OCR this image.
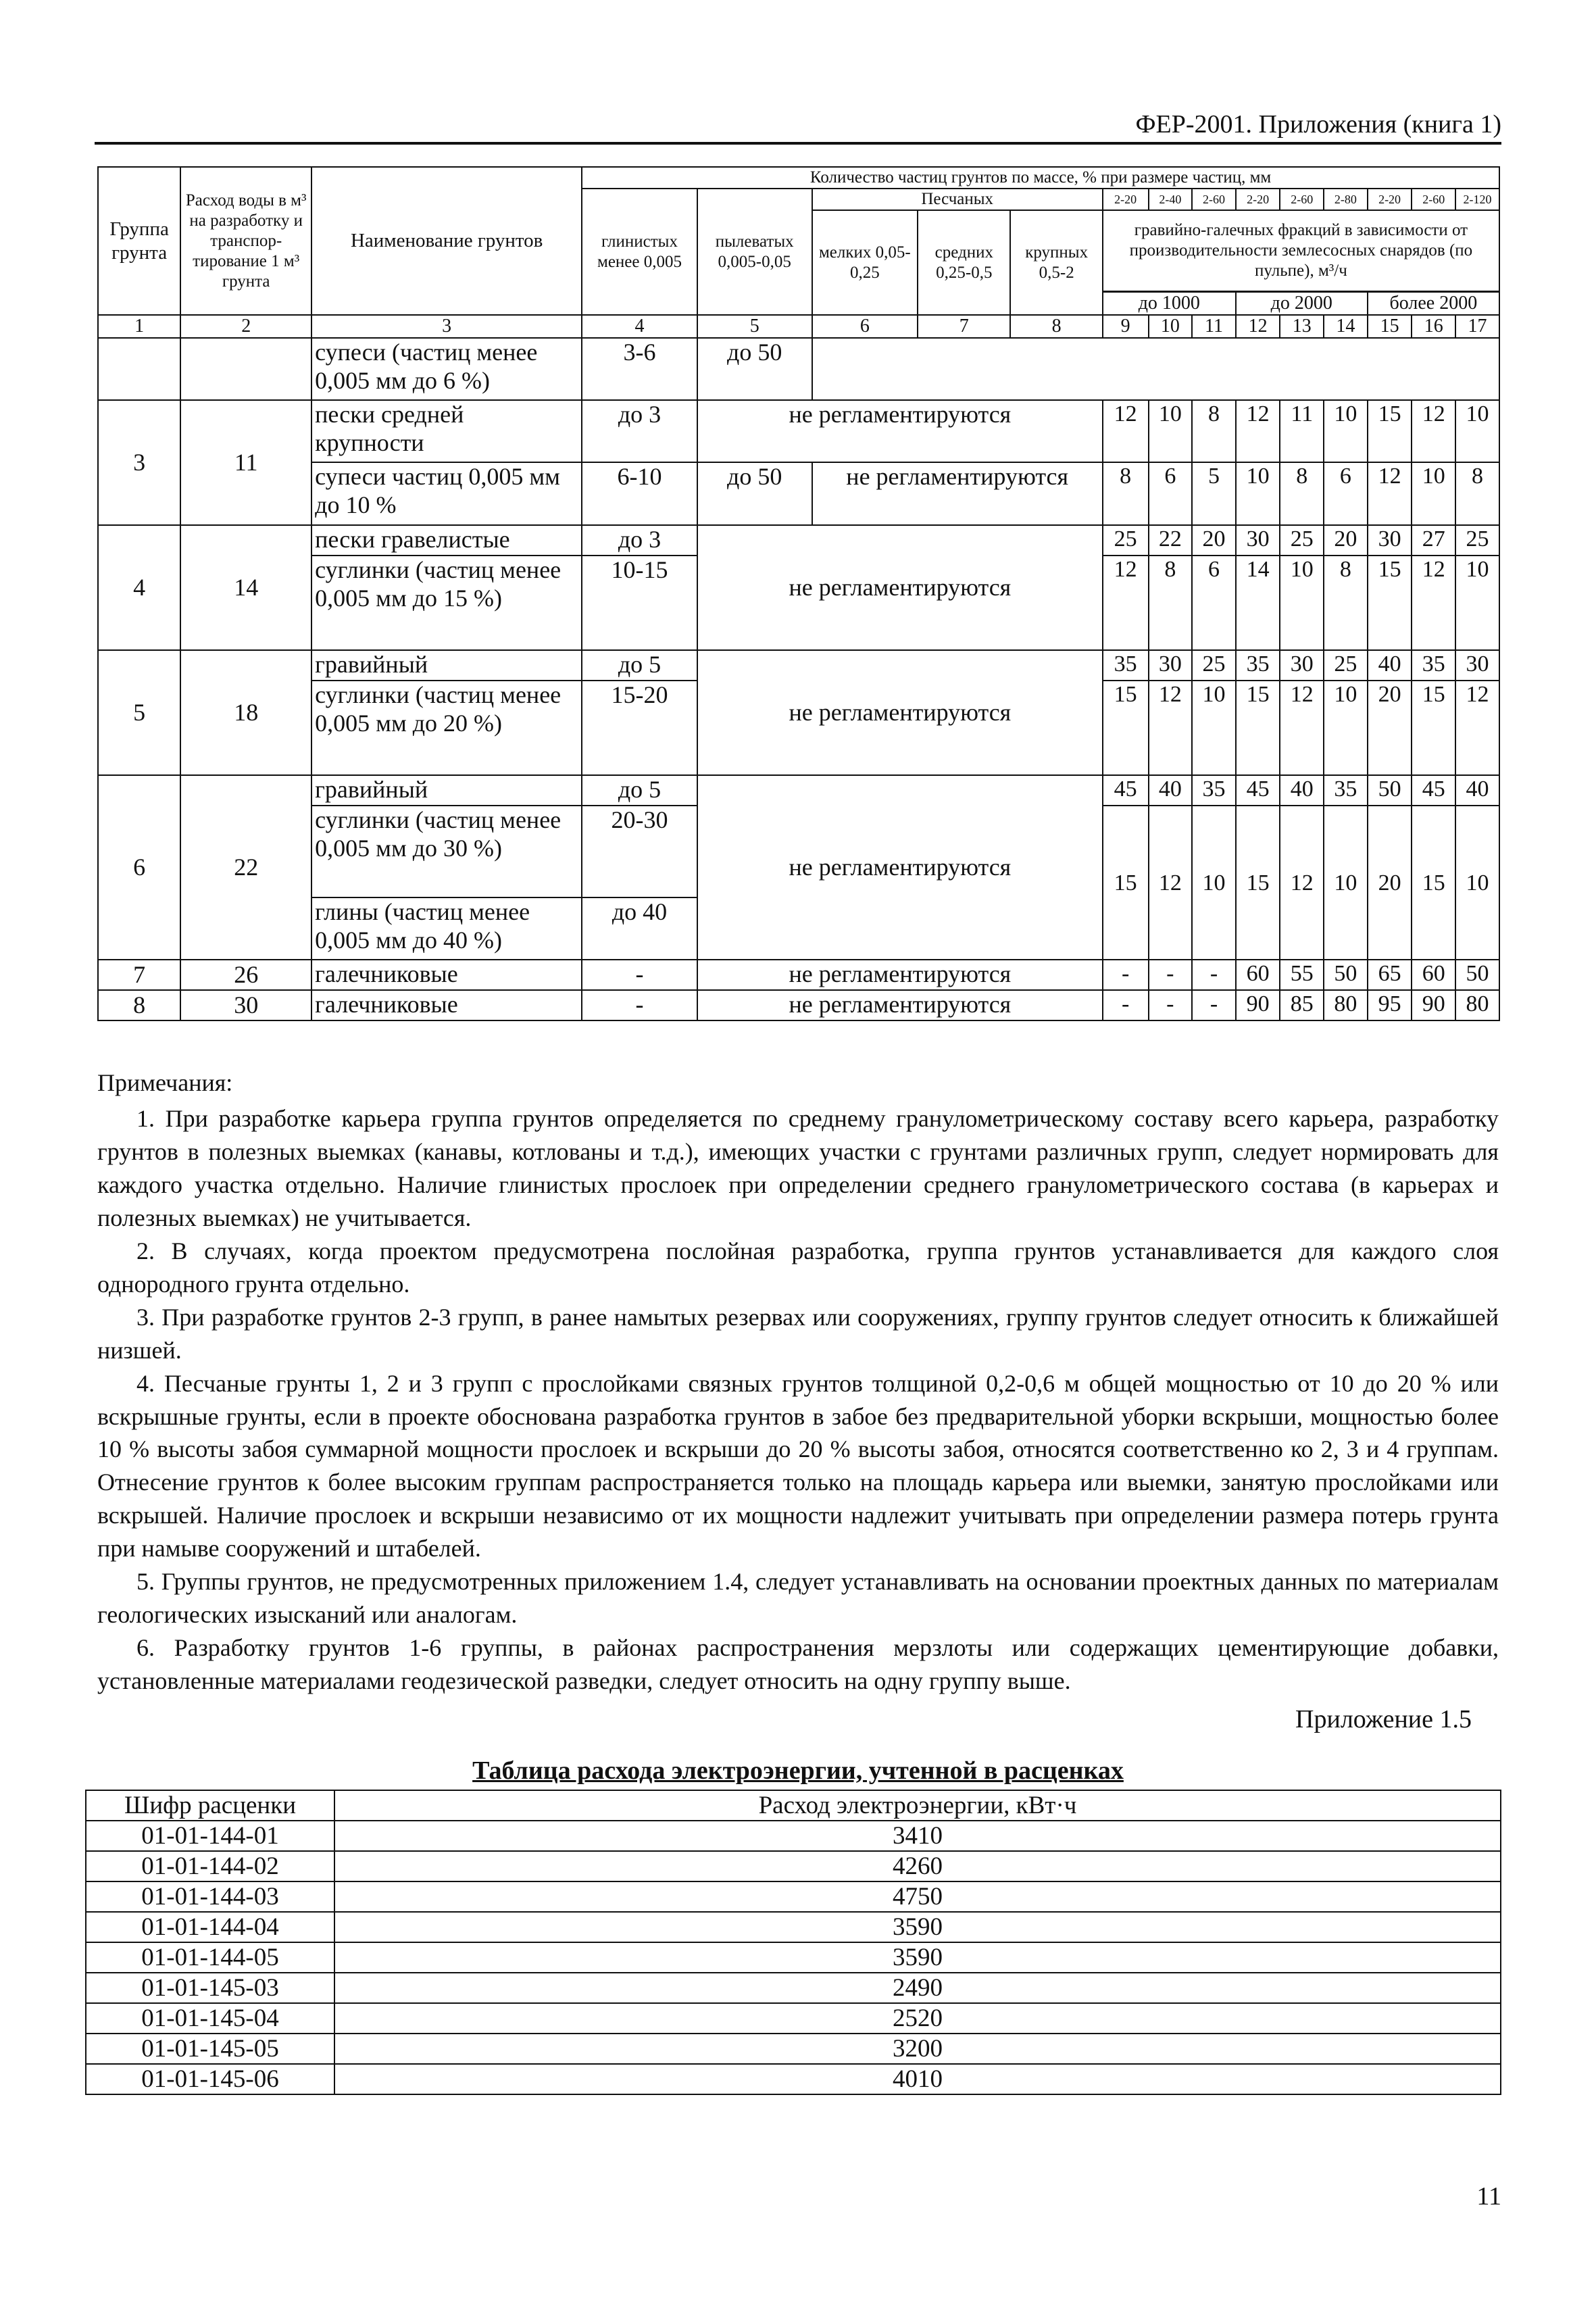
ФЕР-2001. Приложения (книга 1)
Группа грунта	Расход воды в м³ на разработку и транспор-тирование 1 м³ грунта	Наименование грунтов	Количество частиц грунтов по массе, % при размере частиц, мм													
			глинистых менее 0,005	пылеватых 0,005-0,05	Песчаных			2-20	2-40	2-60	2-20	2-60	2-80	2-20	2-60	2-120
					мелких 0,05-0,25	средних 0,25-0,5	крупных 0,5-2	гравийно-галечных фракций в зависимости от производительности землесосных снарядов (по пульпе), м³/ч								

								до 1000			до 2000			более 2000		
1	2	3	4	5	6	7	8	9	10	11	12	13	14	15	16	17
		супеси (частиц менее 0,005 мм до 6 %)	3-6	до 50												
3	11	пески средней крупности	до 3	не регламентируются				12	10	8	12	11	10	15	12	10
		супеси частиц 0,005 мм до 10 %	6-10	до 50	не регламентируются			8	6	5	10	8	6	12	10	8
4	14	пески гравелистые	до 3	не регламентируются				25	22	20	30	25	20	30	27	25
		суглинки (частиц менее 0,005 мм до 15 %)	10-15					12	8	6	14	10	8	15	12	10
5	18	гравийный	до 5	не регламентируются				35	30	25	35	30	25	40	35	30
		суглинки (частиц менее 0,005 мм до 20 %)	15-20					15	12	10	15	12	10	20	15	12
6	22	гравийный	до 5	не регламентируются				45	40	35	45	40	35	50	45	40
		суглинки (частиц менее 0,005 мм до 30 %)	20-30					15	12	10	15	12	10	20	15	10
		глины (частиц менее 0,005 мм до 40 %)	до 40													
7	26	галечниковые	-	не регламентируются				-	-	-	60	55	50	65	60	50
8	30	галечниковые	-	не регламентируются				-	-	-	90	85	80	95	90	80
Примечания:

1. При разработке карьера группа грунтов определяется по среднему гранулометрическому составу всего карьера, разработку грунтов в полезных выемках (канавы, котлованы и т.д.), имеющих участки с грунтами различных групп, следует нормировать для каждого участка отдельно. Наличие глинистых прослоек при определении среднего гранулометрического состава (в карьерах и полезных выемках) не учитывается.

2. В случаях, когда проектом предусмотрена послойная разработка, группа грунтов устанавливается для каждого слоя однородного грунта отдельно.

3. При разработке грунтов 2-3 групп, в ранее намытых резервах или сооружениях, группу грунтов следует относить к ближайшей низшей.

4. Песчаные грунты 1, 2 и 3 групп с прослойками связных грунтов толщиной 0,2-0,6 м общей мощностью от 10 до 20 % или вскрышные грунты, если в проекте обоснована разработка грунтов в забое без предварительной уборки вскрыши, мощностью более 10 % высоты забоя суммарной мощности прослоек и вскрыши до 20 % высоты забоя, относятся соответственно ко 2, 3 и 4 группам. Отнесение грунтов к более высоким группам распространяется только на площадь карьера или выемки, занятую прослойками или вскрышей. Наличие прослоек и вскрыши независимо от их мощности надлежит учитывать при определении размера потерь грунта при намыве сооружений и штабелей.

5. Группы грунтов, не предусмотренных приложением 1.4, следует устанавливать на основании проектных данных по материалам геологических изысканий или аналогам.

6. Разработку грунтов 1-6 группы, в районах распространения мерзлоты или содержащих цементирующие добавки, установленные материалами геодезической разведки, следует относить на одну группу выше.

Приложение 1.5
Таблица расхода электроэнергии, учтенной в расценках
Шифр расценки	Расход электроэнергии, кВт·ч
01-01-144-01	3410
01-01-144-02	4260
01-01-144-03	4750
01-01-144-04	3590
01-01-144-05	3590
01-01-145-03	2490
01-01-145-04	2520
01-01-145-05	3200
01-01-145-06	4010
11
